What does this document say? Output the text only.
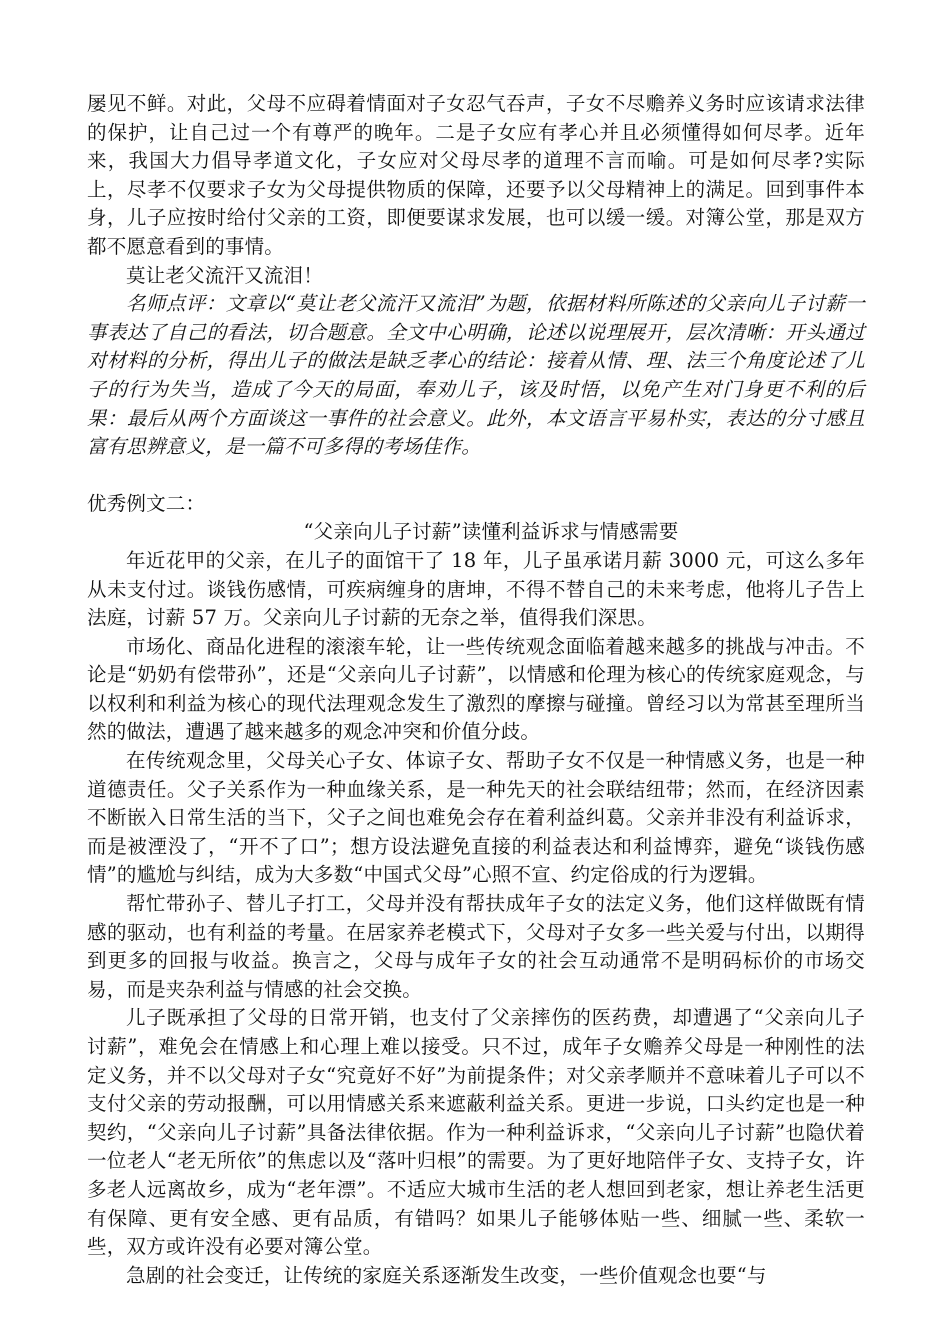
屡见不鲜。对此，父母不应碍着情面对子女忍气吞声，子女不尽赡养义务时应该请求法律的保护，让自己过一个有尊严的晚年。二是子女应有孝心并且必须懂得如何尽孝。近年来，我国大力倡导孝道文化，子女应对父母尽孝的道理不言而喻。可是如何尽孝?实际上，尽孝不仅要求子女为父母提供物质的保障，还要予以父母精神上的满足。回到事件本身，儿子应按时给付父亲的工资，即便要谋求发展，也可以缓一缓。对簿公堂，那是双方都不愿意看到的事情。

莫让老父流汗又流泪！

名师点评：文章以“莫让老父流汗又流泪”为题，依据材料所陈述的父亲向儿子讨薪一事表达了自己的看法，切合题意。全文中心明确，论述以说理展开，层次清晰：开头通过对材料的分析，得出儿子的做法是缺乏孝心的结论：接着从情、理、法三个角度论述了儿子的行为失当，造成了今天的局面，奉劝儿子，该及时悟，以免产生对门身更不利的后果：最后从两个方面谈这一事件的社会意义。此外，本文语言平易朴实，表达的分寸感且富有思辨意义，是一篇不可多得的考场佳作。

优秀例文二：

“父亲向儿子讨薪”读懂利益诉求与情感需要

年近花甲的父亲，在儿子的面馆干了 18 年，儿子虽承诺月薪 3000 元，可这么多年从未支付过。谈钱伤感情，可疾病缠身的唐坤，不得不替自己的未来考虑，他将儿子告上法庭，讨薪 57 万。父亲向儿子讨薪的无奈之举，值得我们深思。

市场化、商品化进程的滚滚车轮，让一些传统观念面临着越来越多的挑战与冲击。不论是“奶奶有偿带孙”，还是“父亲向儿子讨薪”，以情感和伦理为核心的传统家庭观念，与以权利和利益为核心的现代法理观念发生了激烈的摩擦与碰撞。曾经习以为常甚至理所当然的做法，遭遇了越来越多的观念冲突和价值分歧。

在传统观念里，父母关心子女、体谅子女、帮助子女不仅是一种情感义务，也是一种道德责任。父子关系作为一种血缘关系，是一种先天的社会联结纽带；然而，在经济因素不断嵌入日常生活的当下，父子之间也难免会存在着利益纠葛。父亲并非没有利益诉求，而是被湮没了，“开不了口”；想方设法避免直接的利益表达和利益博弈，避免“谈钱伤感情”的尴尬与纠结，成为大多数“中国式父母”心照不宣、约定俗成的行为逻辑。

帮忙带孙子、替儿子打工，父母并没有帮扶成年子女的法定义务，他们这样做既有情感的驱动，也有利益的考量。在居家养老模式下，父母对子女多一些关爱与付出，以期得到更多的回报与收益。换言之，父母与成年子女的社会互动通常不是明码标价的市场交易，而是夹杂利益与情感的社会交换。

儿子既承担了父母的日常开销，也支付了父亲摔伤的医药费，却遭遇了“父亲向儿子讨薪”，难免会在情感上和心理上难以接受。只不过，成年子女赡养父母是一种刚性的法定义务，并不以父母对子女“究竟好不好”为前提条件；对父亲孝顺并不意味着儿子可以不支付父亲的劳动报酬，可以用情感关系来遮蔽利益关系。更进一步说，口头约定也是一种契约，“父亲向儿子讨薪”具备法律依据。作为一种利益诉求，“父亲向儿子讨薪”也隐伏着一位老人“老无所依”的焦虑以及“落叶归根”的需要。为了更好地陪伴子女、支持子女，许多老人远离故乡，成为“老年漂”。不适应大城市生活的老人想回到老家，想让养老生活更有保障、更有安全感、更有品质，有错吗？如果儿子能够体贴一些、细腻一些、柔软一些，双方或许没有必要对簿公堂。

急剧的社会变迁，让传统的家庭关系逐渐发生改变，一些价值观念也要“与
